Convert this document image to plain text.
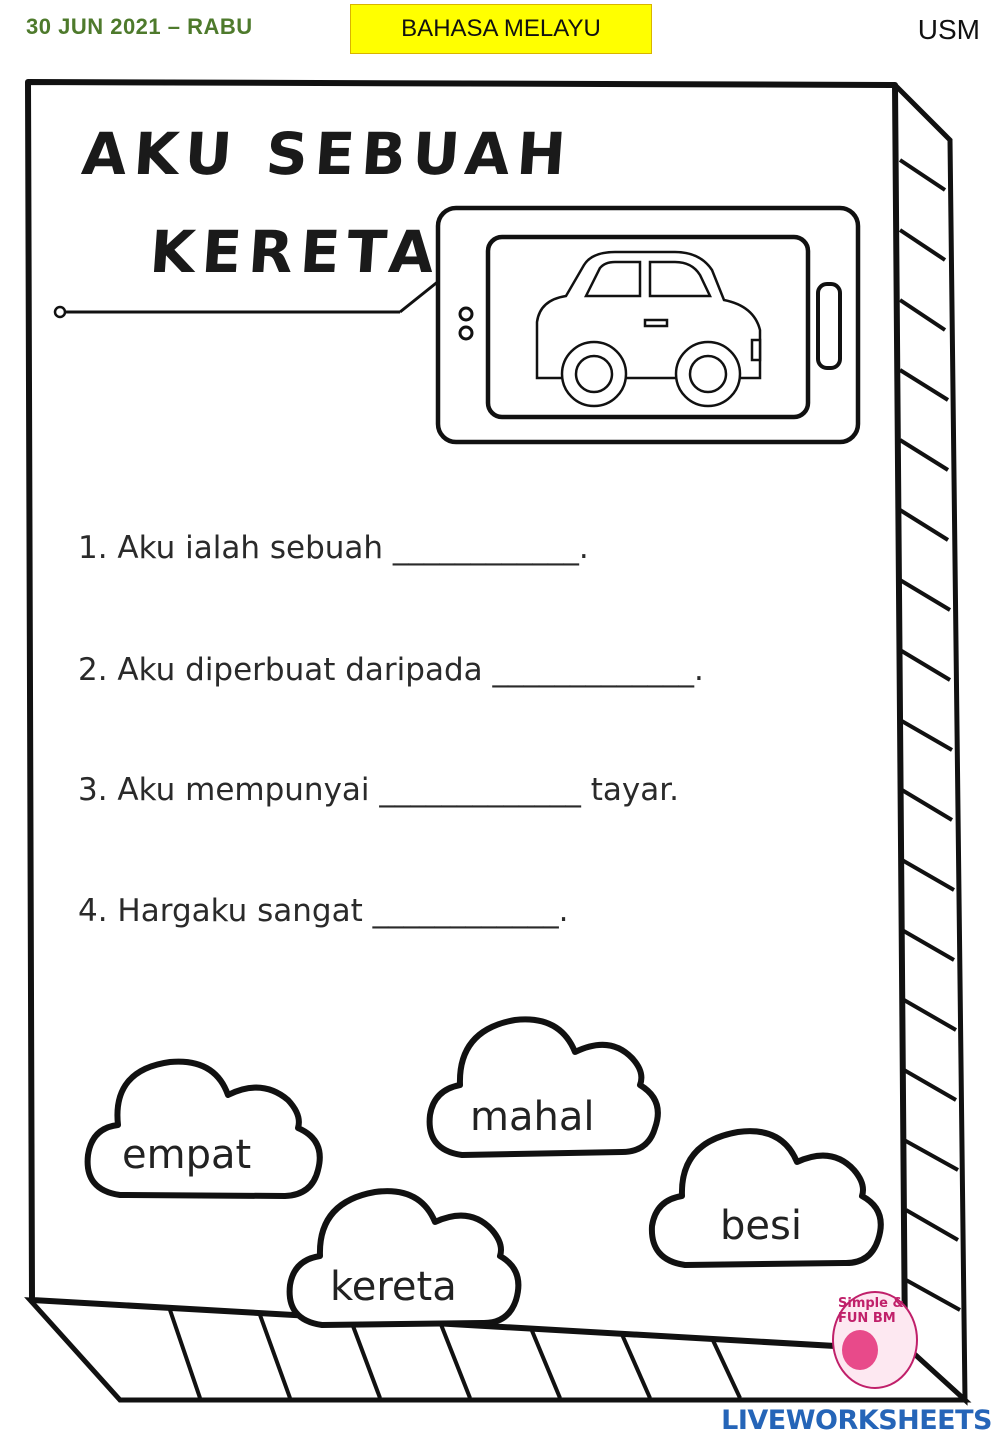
30 JUN 2021 – RABU	BAHASA MELAYU	USM
AKU SEBUAH
KERETA
1. Aku ialah sebuah ____________.
2. Aku diperbuat daripada _____________.
3. Aku mempunyai _____________ tayar.
4. Hargaku sangat ____________.
empat
mahal
kereta
besi
Simple & FUN BM
LIVEWORKSHEETS
